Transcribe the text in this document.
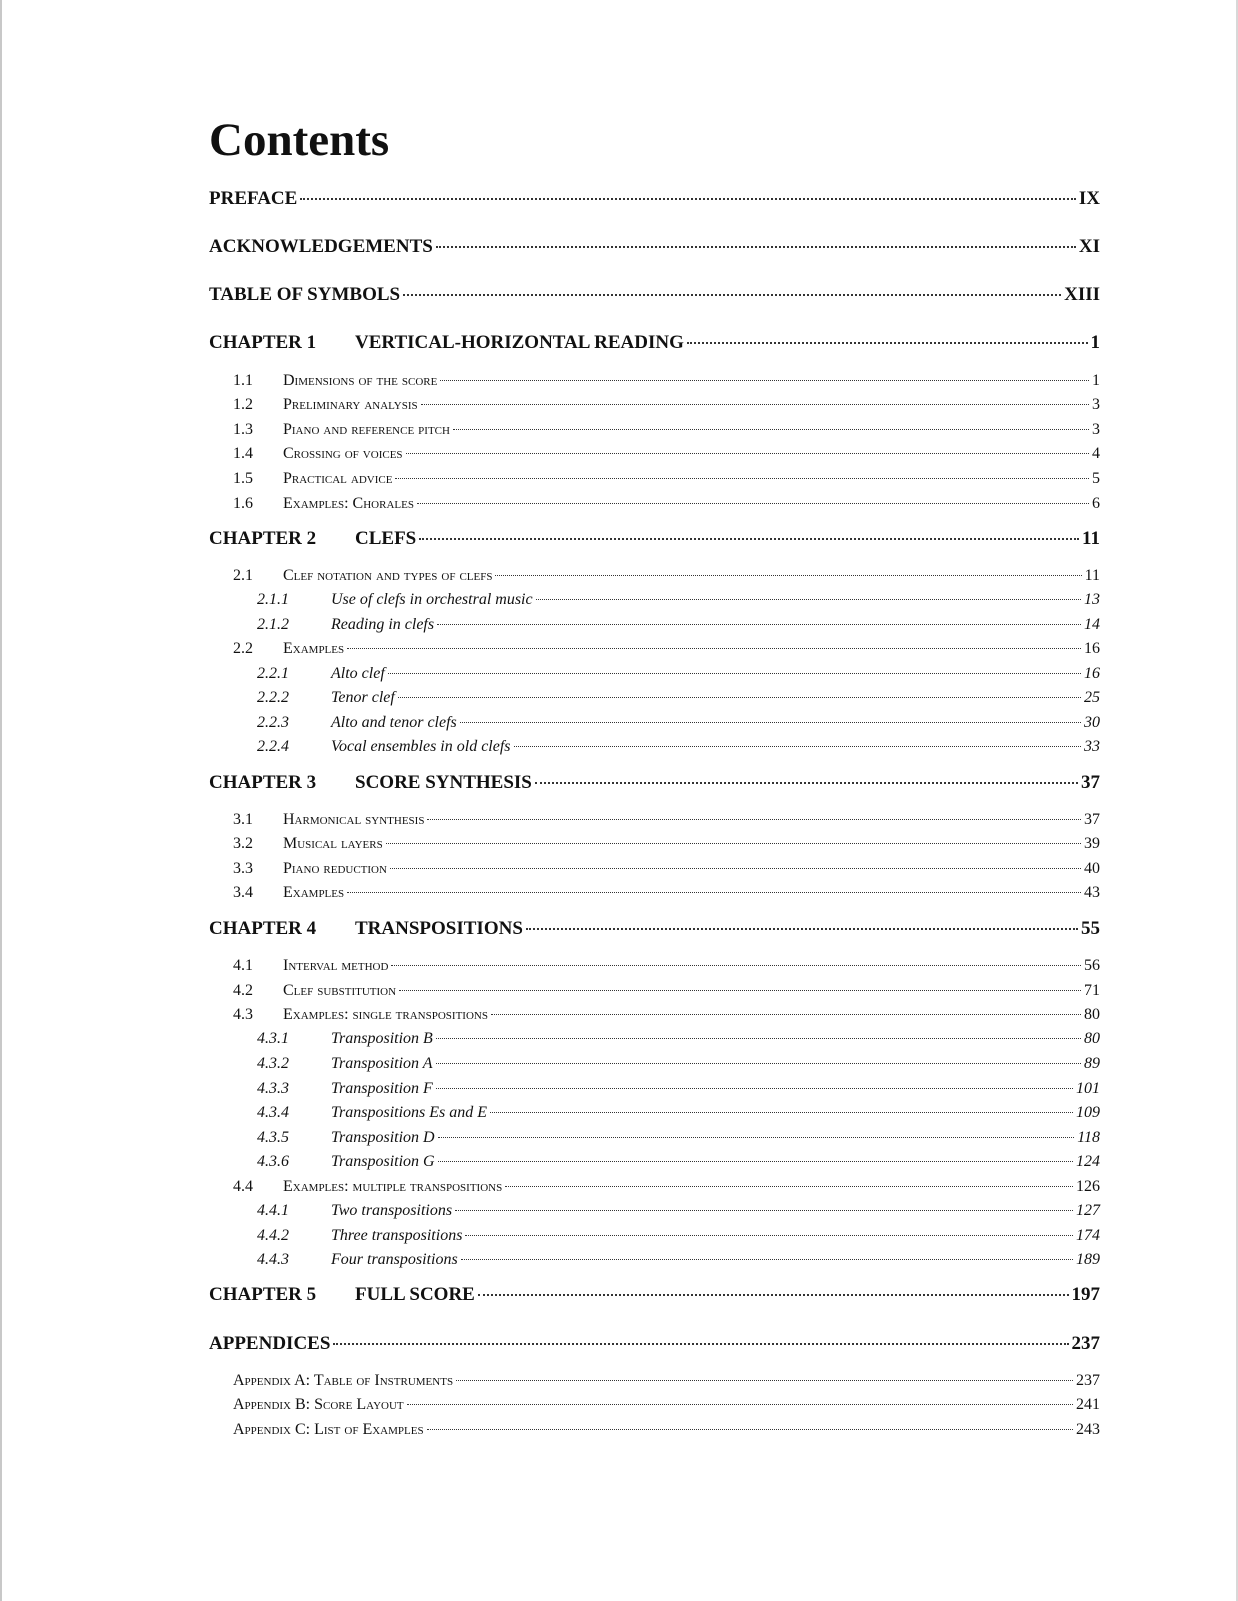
Contents
PREFACE	IX
ACKNOWLEDGEMENTS	XI
TABLE OF SYMBOLS	XIII
CHAPTER 1	VERTICAL-HORIZONTAL READING	1
1.1	Dimensions of the score	1
1.2	Preliminary analysis	3
1.3	Piano and reference pitch	3
1.4	Crossing of voices	4
1.5	Practical advice	5
1.6	Examples: Chorales	6
CHAPTER 2	CLEFS	11
2.1	Clef notation and types of clefs	11
2.1.1	Use of clefs in orchestral music	13
2.1.2	Reading in clefs	14
2.2	Examples	16
2.2.1	Alto clef	16
2.2.2	Tenor clef	25
2.2.3	Alto and tenor clefs	30
2.2.4	Vocal ensembles in old clefs	33
CHAPTER 3	SCORE SYNTHESIS	37
3.1	Harmonical synthesis	37
3.2	Musical layers	39
3.3	Piano reduction	40
3.4	Examples	43
CHAPTER 4	TRANSPOSITIONS	55
4.1	Interval method	56
4.2	Clef substitution	71
4.3	Examples: single transpositions	80
4.3.1	Transposition B	80
4.3.2	Transposition A	89
4.3.3	Transposition F	101
4.3.4	Transpositions Es and E	109
4.3.5	Transposition D	118
4.3.6	Transposition G	124
4.4	Examples: multiple transpositions	126
4.4.1	Two transpositions	127
4.4.2	Three transpositions	174
4.4.3	Four transpositions	189
CHAPTER 5	FULL SCORE	197
APPENDICES	237
Appendix A: Table of Instruments	237
Appendix B: Score Layout	241
Appendix C: List of Examples	243
